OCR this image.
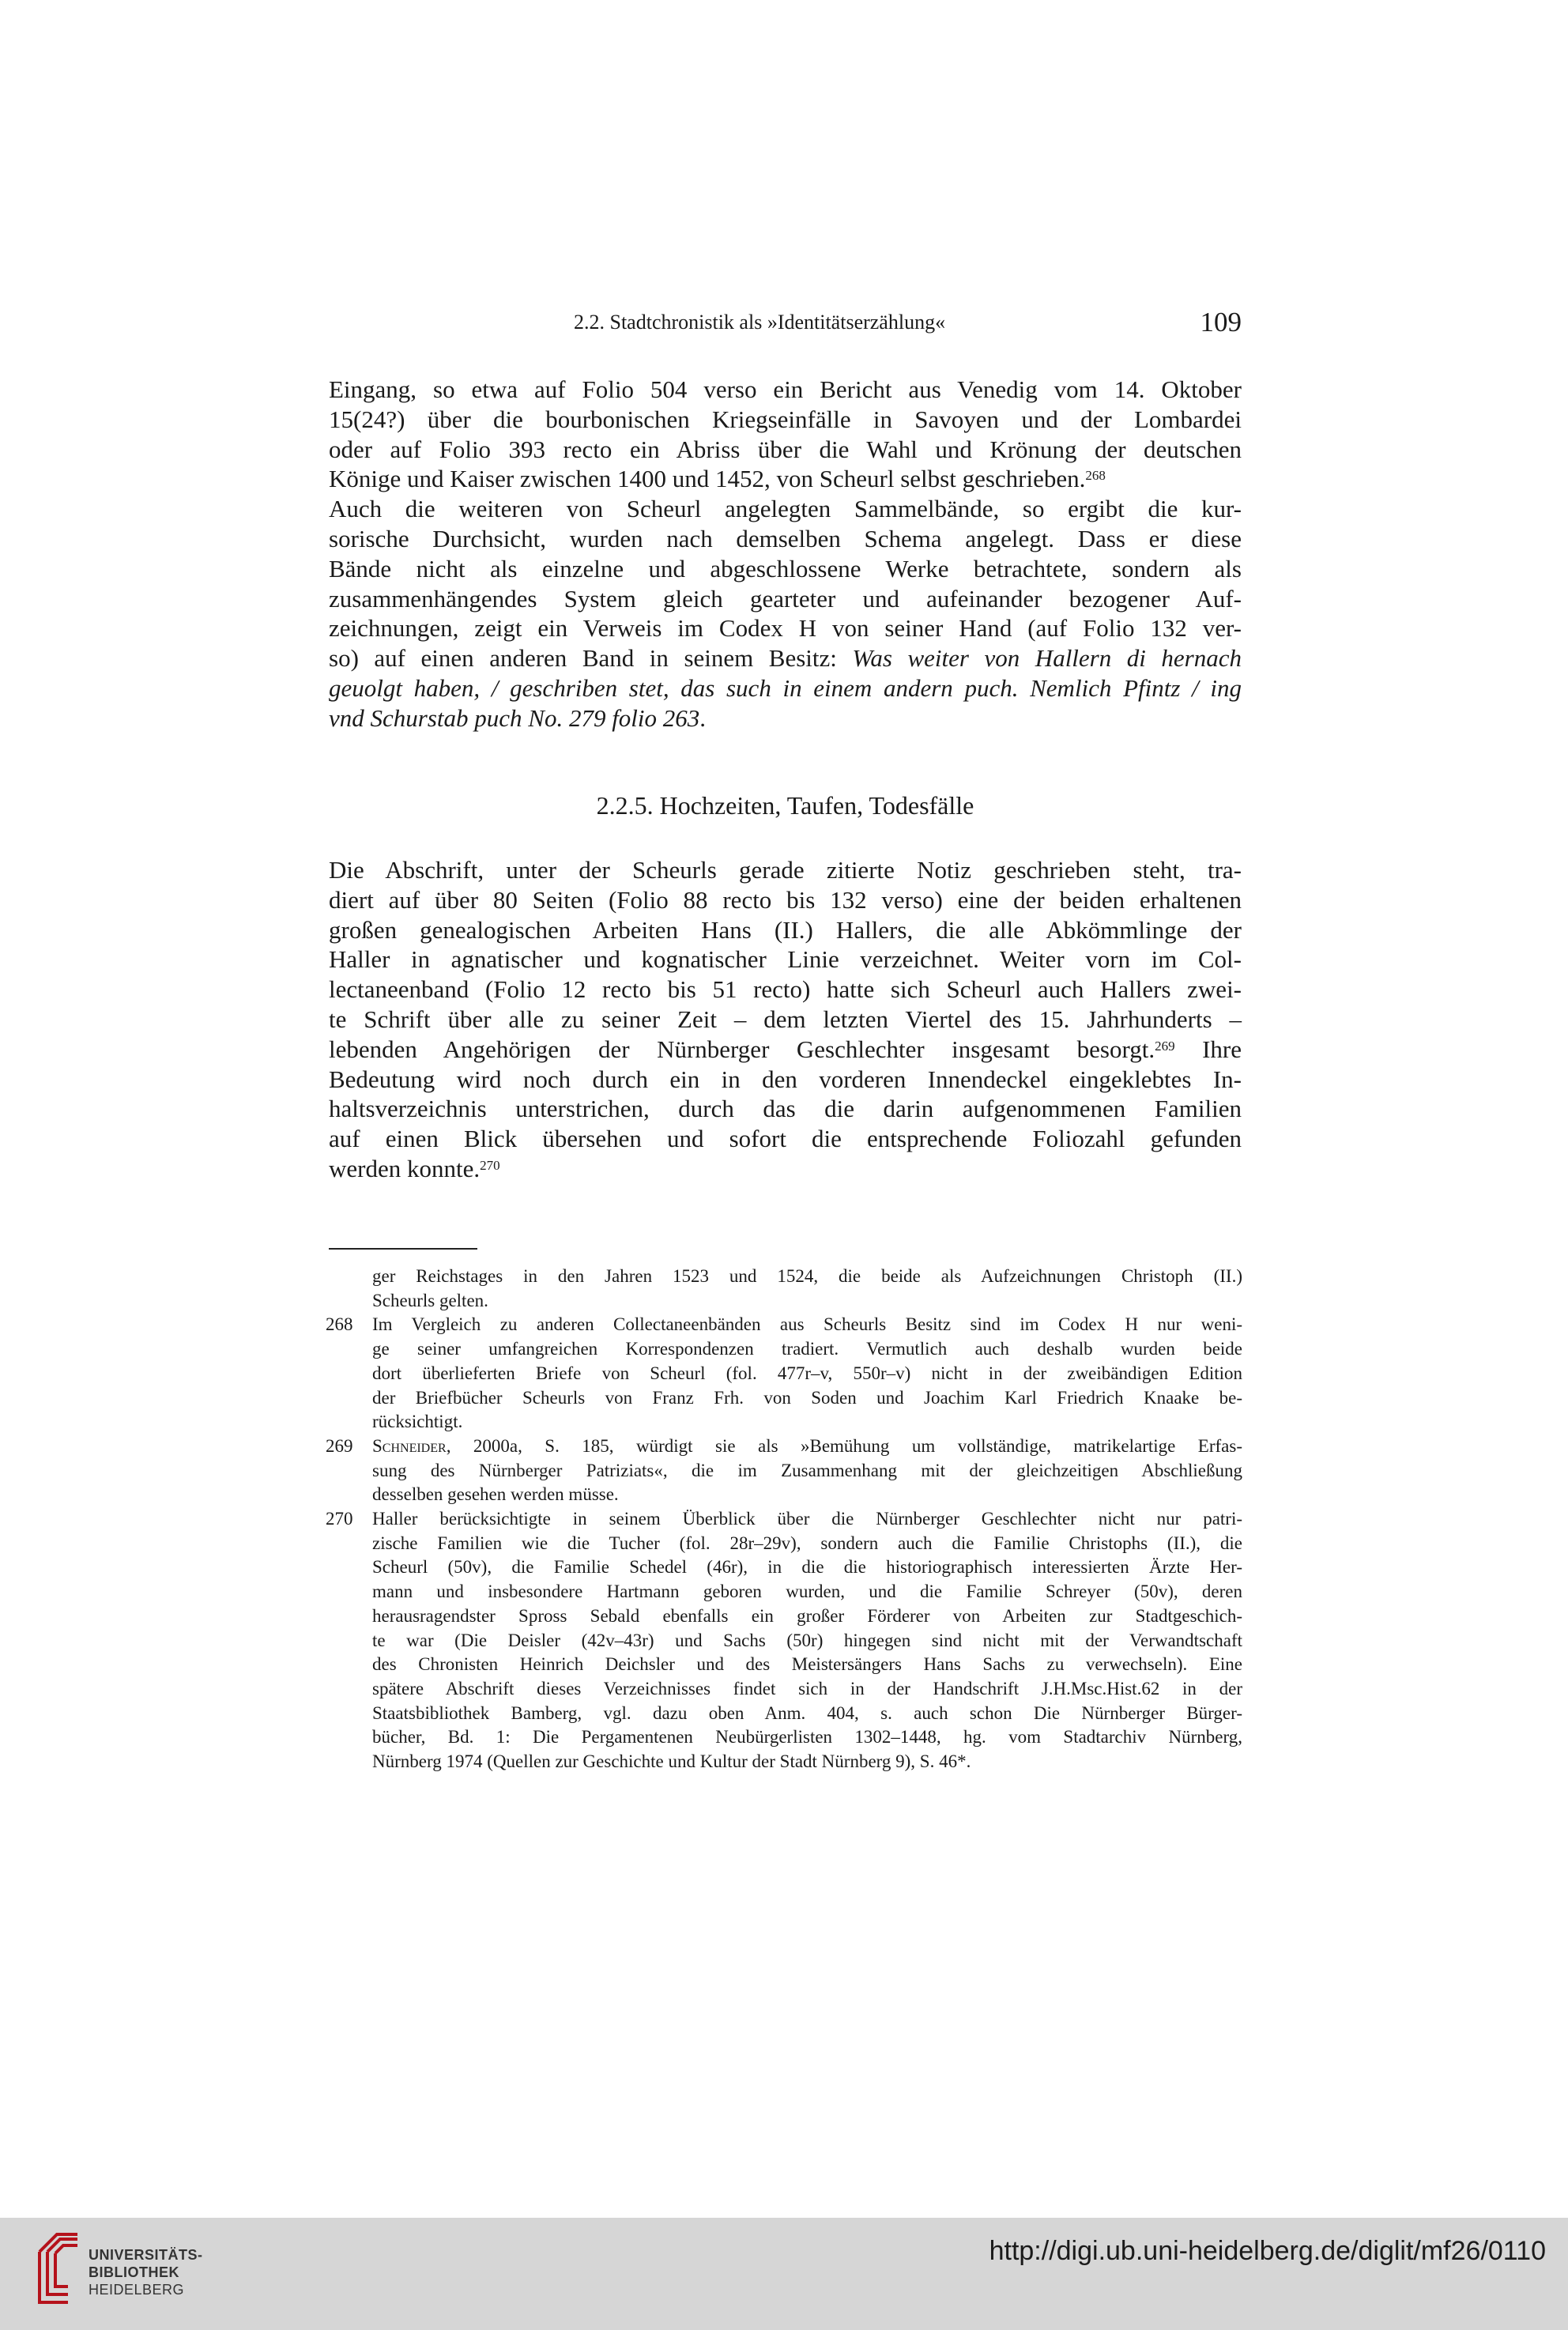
2.2. Stadtchronistik als »Identitätserzählung«	109

Eingang, so etwa auf Folio 504 verso ein Bericht aus Venedig vom 14. Oktober
15(24?) über die bourbonischen Kriegseinfälle in Savoyen und der Lombardei
oder auf Folio 393 recto ein Abriss über die Wahl und Krönung der deutschen
Könige und Kaiser zwischen 1400 und 1452, von Scheurl selbst geschrieben.$^{268}$
Auch die weiteren von Scheurl angelegten Sammelbände, so ergibt die kur-
sorische Durchsicht, wurden nach demselben Schema angelegt. Dass er diese
Bände nicht als einzelne und abgeschlossene Werke betrachtete, sondern als
zusammenhängendes System gleich gearteter und aufeinander bezogener Auf-
zeichnungen, zeigt ein Verweis im Codex H von seiner Hand (auf Folio 132 ver-
so) auf einen anderen Band in seinem Besitz: Was weiter von Hallern di hernach
geuolgt haben, / geschriben stet, das such in einem andern puch. Nemlich Pfintz / ing
vnd Schurstab puch No. 279 folio 263.

2.2.5. Hochzeiten, Taufen, Todesfälle

Die Abschrift, unter der Scheurls gerade zitierte Notiz geschrieben steht, tra-
diert auf über 80 Seiten (Folio 88 recto bis 132 verso) eine der beiden erhaltenen
großen genealogischen Arbeiten Hans (II.) Hallers, die alle Abkömmlinge der
Haller in agnatischer und kognatischer Linie verzeichnet. Weiter vorn im Col-
lectaneenband (Folio 12 recto bis 51 recto) hatte sich Scheurl auch Hallers zwei-
te Schrift über alle zu seiner Zeit – dem letzten Viertel des 15. Jahrhunderts –
lebenden Angehörigen der Nürnberger Geschlechter insgesamt besorgt.$^{269}$ Ihre
Bedeutung wird noch durch ein in den vorderen Innendeckel eingeklebtes In-
haltsverzeichnis unterstrichen, durch das die darin aufgenommenen Familien
auf einen Blick übersehen und sofort die entsprechende Foliozahl gefunden
werden konnte.$^{270}$

ger Reichstages in den Jahren 1523 und 1524, die beide als Aufzeichnungen Christoph (II.)
Scheurls gelten.
268 Im Vergleich zu anderen Collectaneenbänden aus Scheurls Besitz sind im Codex H nur weni-
ge seiner umfangreichen Korrespondenzen tradiert. Vermutlich auch deshalb wurden beide
dort überlieferten Briefe von Scheurl (fol. 477r–v, 550r–v) nicht in der zweibändigen Edition
der Briefbücher Scheurls von Franz Frh. von Soden und Joachim Karl Friedrich Knaake be-
rücksichtigt.
269 Schneider, 2000a, S. 185, würdigt sie als »Bemühung um vollständige, matrikelartige Erfas-
sung des Nürnberger Patriziats«, die im Zusammenhang mit der gleichzeitigen Abschließung
desselben gesehen werden müsse.
270 Haller berücksichtigte in seinem Überblick über die Nürnberger Geschlechter nicht nur patri-
zische Familien wie die Tucher (fol. 28r–29v), sondern auch die Familie Christophs (II.), die
Scheurl (50v), die Familie Schedel (46r), in die die historiographisch interessierten Ärzte Her-
mann und insbesondere Hartmann geboren wurden, und die Familie Schreyer (50v), deren
herausragendster Spross Sebald ebenfalls ein großer Förderer von Arbeiten zur Stadtgeschich-
te war (Die Deisler (42v–43r) und Sachs (50r) hingegen sind nicht mit der Verwandtschaft
des Chronisten Heinrich Deichsler und des Meistersängers Hans Sachs zu verwechseln). Eine
spätere Abschrift dieses Verzeichnisses findet sich in der Handschrift J.H.Msc.Hist.62 in der
Staatsbibliothek Bamberg, vgl. dazu oben Anm. 404, s. auch schon Die Nürnberger Bürger-
bücher, Bd. 1: Die Pergamentenen Neubürgerlisten 1302–1448, hg. vom Stadtarchiv Nürnberg,
Nürnberg 1974 (Quellen zur Geschichte und Kultur der Stadt Nürnberg 9), S. 46*.
UNIVERSITÄTS-
BIBLIOTHEK
HEIDELBERG
http://digi.ub.uni-heidelberg.de/diglit/mf26/0110
